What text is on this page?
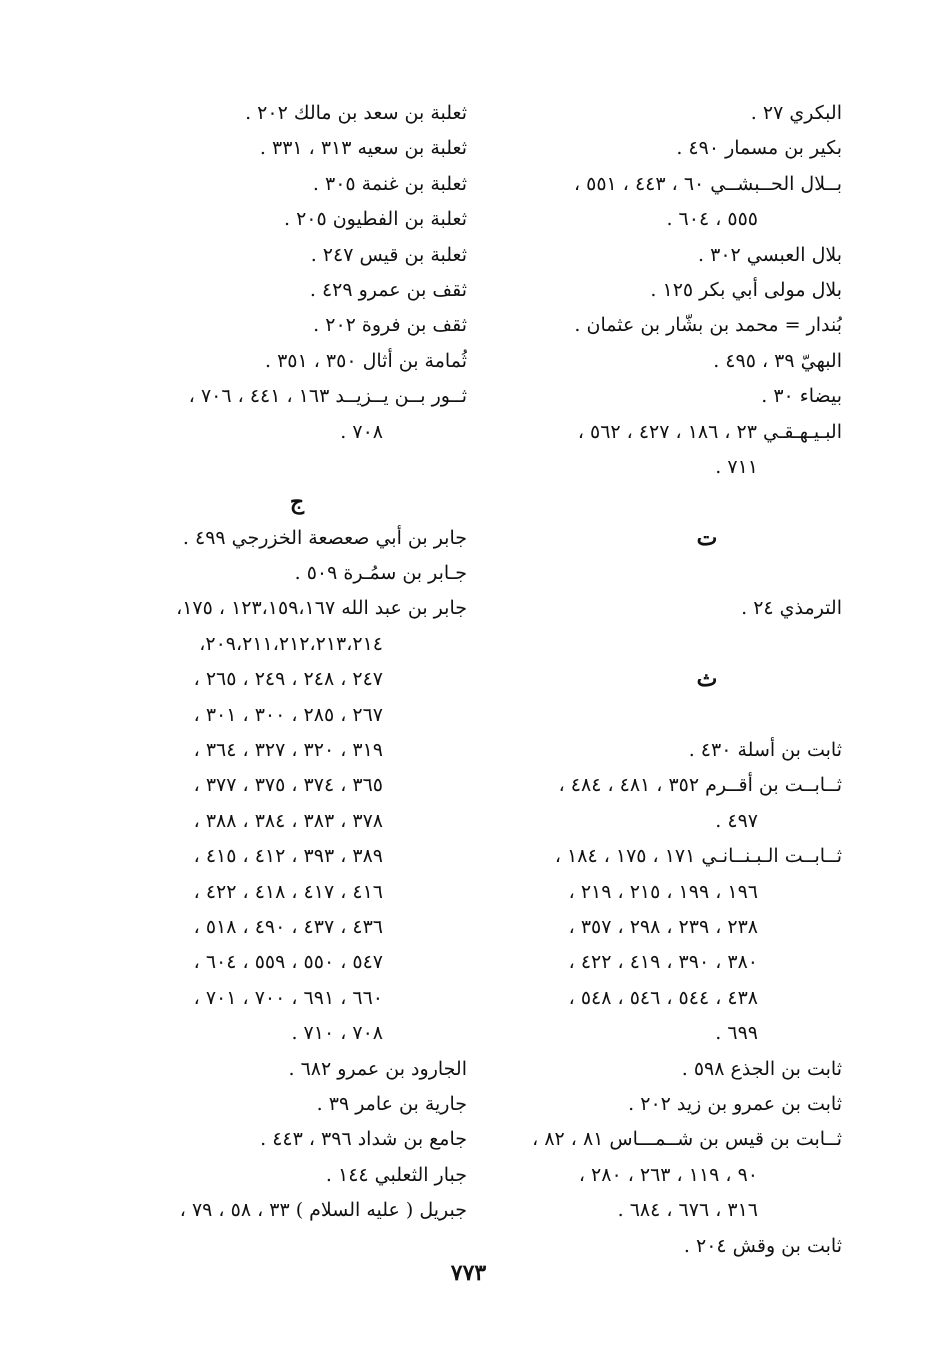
البكري ٢٧ .
بكير بن مسمار ٤٩٠ .
بــلال الحــبشــي ٦٠ ، ٤٤٣ ، ٥٥١ ،
٥٥٥ ، ٦٠٤ .
بلال العبسي ٣٠٢ .
بلال مولى أبي بكر ١٢٥ .
بُندار = محمد بن بشّار بن عثمان .
البهيّ ٣٩ ، ٤٩٥ .
بيضاء ٣٠ .
البـيـهـقـي ٢٣ ، ١٨٦ ، ٤٢٧ ، ٥٦٢ ،
٧١١ .
ت
الترمذي ٢٤ .
ث
ثابت بن أسلة ٤٣٠ .
ثــابــت بن أقــرم ٣٥٢ ، ٤٨١ ، ٤٨٤ ،
٤٩٧ .
ثــابــت الـبـنــانـي ١٧١ ، ١٧٥ ، ١٨٤ ،
١٩٦ ، ١٩٩ ، ٢١٥ ، ٢١٩ ،
٢٣٨ ، ٢٣٩ ، ٢٩٨ ، ٣٥٧ ،
٣٨٠ ، ٣٩٠ ، ٤١٩ ، ٤٢٢ ،
٤٣٨ ، ٥٤٤ ، ٥٤٦ ، ٥٤٨ ،
٦٩٩ .
ثابت بن الجذع ٥٩٨ .
ثابت بن عمرو بن زيد ٢٠٢ .
ثــابت بن قيس بن شــمـــاس ٨١ ، ٨٢ ،
٩٠ ، ١١٩ ، ٢٦٣ ، ٢٨٠ ،
٣١٦ ، ٦٧٦ ، ٦٨٤ .
ثابت بن وقش ٢٠٤ .
ثعلبة بن سعد بن مالك ٢٠٢ .
ثعلبة بن سعيه ٣١٣ ، ٣٣١ .
ثعلبة بن غنمة ٣٠٥ .
ثعلبة بن الفطيون ٢٠٥ .
ثعلبة بن قيس ٢٤٧ .
ثقف بن عمرو ٤٢٩ .
ثقف بن فروة ٢٠٢ .
ثُمامة بن أثال ٣٥٠ ، ٣٥١ .
ثــور بــن يــزيــد ١٦٣ ، ٤٤١ ، ٧٠٦ ،
٧٠٨ .
ج
جابر بن أبي صعصعة الخزرجي ٤٩٩ .
جـابر بن سمُـرة ٥٠٩ .
جابر بن عبد الله ١٢٣،١٥٩،١٦٧ ، ١٧٥،
٢٠٩،٢١١،٢١٢،٢١٣،٢١٤،
٢٤٧ ، ٢٤٨ ، ٢٤٩ ، ٢٦٥ ،
٢٦٧ ، ٢٨٥ ، ٣٠٠ ، ٣٠١ ،
٣١٩ ، ٣٢٠ ، ٣٢٧ ، ٣٦٤ ،
٣٦٥ ، ٣٧٤ ، ٣٧٥ ، ٣٧٧ ،
٣٧٨ ، ٣٨٣ ، ٣٨٤ ، ٣٨٨ ،
٣٨٩ ، ٣٩٣ ، ٤١٢ ، ٤١٥ ،
٤١٦ ، ٤١٧ ، ٤١٨ ، ٤٢٢ ،
٤٣٦ ، ٤٣٧ ، ٤٩٠ ، ٥١٨ ،
٥٤٧ ، ٥٥٠ ، ٥٥٩ ، ٦٠٤ ،
٦٦٠ ، ٦٩١ ، ٧٠٠ ، ٧٠١ ،
٧٠٨ ، ٧١٠ .
الجارود بن عمرو ٦٨٢ .
جارية بن عامر ٣٩ .
جامع بن شداد ٣٩٦ ، ٤٤٣ .
جبار الثعلبي ١٤٤ .
جبريل ( عليه السلام ) ٣٣ ، ٥٨ ، ٧٩ ،
٧٧٣
